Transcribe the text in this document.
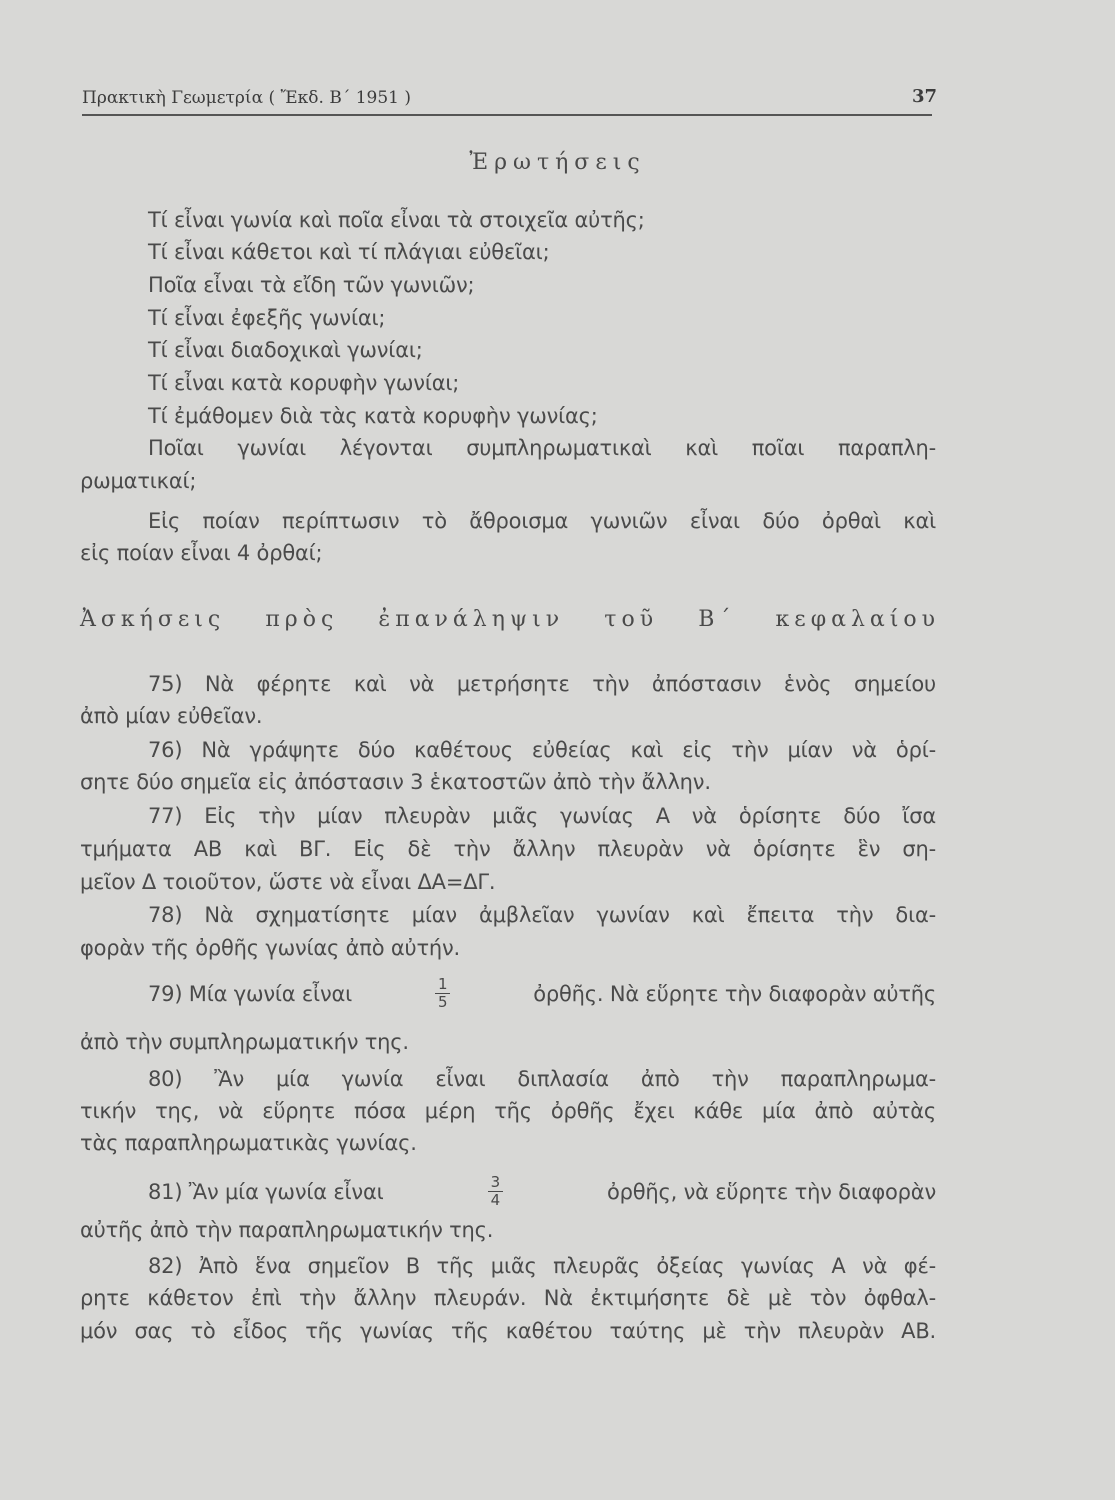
Πρακτικὴ Γεωμετρία ( Ἔκδ. Β΄ 1951 )	37
Ἐρωτήσεις
Τί εἶναι γωνία καὶ ποῖα εἶναι τὰ στοιχεῖα αὐτῆς;
Τί εἶναι κάθετοι καὶ τί πλάγιαι εὐθεῖαι;
Ποῖα εἶναι τὰ εἴδη τῶν γωνιῶν;
Τί εἶναι ἐφεξῆς γωνίαι;
Τί εἶναι διαδοχικαὶ γωνίαι;
Τί εἶναι κατὰ κορυφὴν γωνίαι;
Τί ἐμάθομεν διὰ τὰς κατὰ κορυφὴν γωνίας;
Ποῖαι γωνίαι λέγονται συμπληρωματικαὶ καὶ ποῖαι παραπλη-
ρωματικαί;
Εἰς ποίαν περίπτωσιν τὸ ἄθροισμα γωνιῶν εἶναι δύο ὀρθαὶ καὶ
εἰς ποίαν εἶναι 4 ὀρθαί;
Ἀσκήσεις πρὸς ἐπανάληψιν τοῦ Β΄ κεφαλαίου
75) Νὰ φέρητε καὶ νὰ μετρήσητε τὴν ἀπόστασιν ἑνὸς σημείου
ἀπὸ μίαν εὐθεῖαν.
76) Νὰ γράψητε δύο καθέτους εὐθείας καὶ εἰς τὴν μίαν νὰ ὁρί-
σητε δύο σημεῖα εἰς ἀπόστασιν 3 ἑκατοστῶν ἀπὸ τὴν ἄλλην.
77) Εἰς τὴν μίαν πλευρὰν μιᾶς γωνίας Α νὰ ὁρίσητε δύο ἴσα
τμήματα ΑΒ καὶ ΒΓ. Εἰς δὲ τὴν ἄλλην πλευρὰν νὰ ὁρίσητε ἓν ση-
μεῖον Δ τοιοῦτον, ὥστε νὰ εἶναι ΔΑ=ΔΓ.
78) Νὰ σχηματίσητε μίαν ἀμβλεῖαν γωνίαν καὶ ἔπειτα τὴν δια-
φορὰν τῆς ὀρθῆς γωνίας ἀπὸ αὐτήν.
79) Μία γωνία εἶναι	$\frac{1}{5}$	ὀρθῆς. Νὰ εὕρητε τὴν διαφορὰν αὐτῆς
ἀπὸ τὴν συμπληρωματικήν της.
80) Ἂν μία γωνία εἶναι διπλασία ἀπὸ τὴν παραπληρωμα-
τικήν της, νὰ εὕρητε πόσα μέρη τῆς ὀρθῆς ἔχει κάθε μία ἀπὸ αὐτὰς
τὰς παραπληρωματικὰς γωνίας.
81) Ἂν μία γωνία εἶναι	$\frac{3}{4}$	ὀρθῆς, νὰ εὕρητε τὴν διαφορὰν
αὐτῆς ἀπὸ τὴν παραπληρωματικήν της.
82) Ἀπὸ ἕνα σημεῖον Β τῆς μιᾶς πλευρᾶς ὀξείας γωνίας Α νὰ φέ-
ρητε κάθετον ἐπὶ τὴν ἄλλην πλευράν. Νὰ ἐκτιμήσητε δὲ μὲ τὸν ὀφθαλ-
μόν σας τὸ εἶδος τῆς γωνίας τῆς καθέτου ταύτης μὲ τὴν πλευρὰν ΑΒ.
